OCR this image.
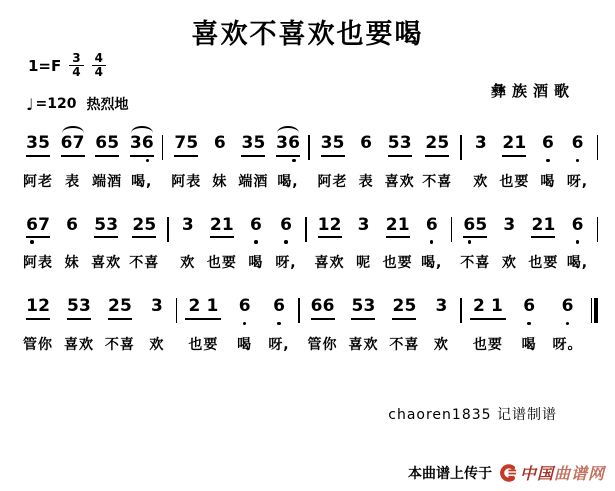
喜欢不喜欢也要喝
$1=F \frac{3}{4} \frac{4}{4}$
彝族酒歌
♩ =120 热烈地
3 5
阿老
6 7
表
6 5
端酒
3 6
喝,
7 5
阿表
6
妹
3 5
端酒
3 6
喝,
3 5
阿老
6
表
5 3
喜欢
2 5
不喜
3
欢
2 1
也要
6
喝
6
呀,
6 7
阿表
6
妹
5 3
喜欢
2 5
不喜
3
欢
2 1
也要
6
喝
6
呀,
1 2
喜欢
3
呢
2 1
也要
6
喝,
6 5
不喜
3
欢
2 1
也要
6
喝,
1 2
管你
5 3
喜欢
2 5
不喜
3
欢
2 1
也要
6
喝
6
呀,
6 6
管你
5 3
喜欢
2 5
不喜
3
欢
2 1
也要
6
喝
6
呀。
chaoren1835 记谱制谱
本曲谱上传于 中国曲谱网
